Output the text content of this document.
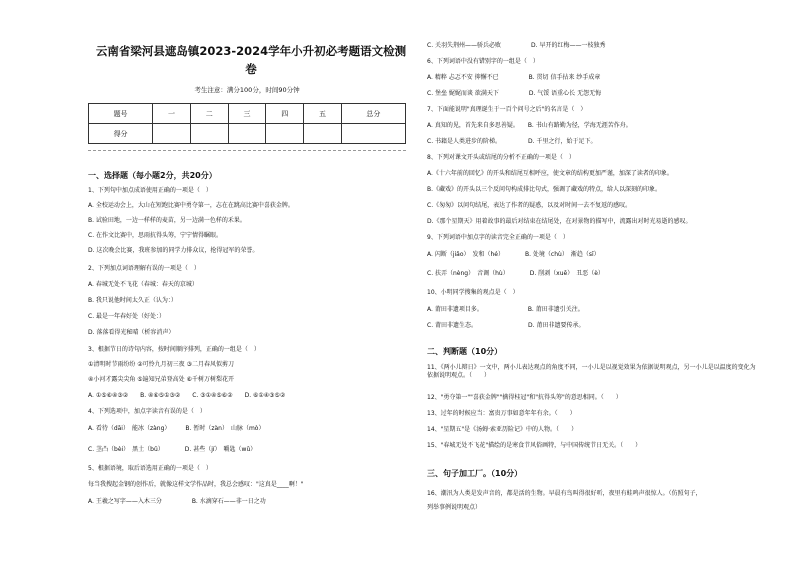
云南省梁河县遮岛镇2023-2024学年小升初必考题语文检测卷
考生注意：满分100分，时间90分钟
题号	一	二	三	四	五	总分
得分						
一、选择题（每小题2分，共20分）
1、下列句中加点成语使用正确的一项是（　）
A. 全校运动会上，大山在短跑比赛中勇夺第一，志在在跳高比赛中喜获金牌。
B. 试验田地，一边一样样的麦苗，另一边满一色样的禾果。
C. 在作文比赛中，思雨抗得头筹，宁宁情得瞩眼。
D. 这次晚会比赛，我班参加的同学力排众议，抢得冠军的荣誉。
2、下列加点词语理解有误的一项是（　）
A. 春城无处不飞花（春城：春天的京城）
B. 我只说他时间太久正（认为：）
C. 最是一年春好处（好处：）
D. 落落看得光秘晴（析容消声）
3、根据节日的诗句内容，按时间顺序排列，正确的一组是（　）
①清明时节雨纷纷 ②可怜九月初三夜 ③二月春风似剪刀
④小河才露尖尖角 ⑤遍知兄弟登高处 ⑥千树万树梨花开
A. ①⑤⑥④③②　　B. ④⑥⑤①③②　　C. ③①④⑤⑥②　　D. ⑥①④③⑤②
4、下列选项中，加点字读音有误的是（　）
A. 看待（dāi）　能冰（zàng）　　　B. 暂时（zàn）　山脉（mò）
C. 茎凸（bèi）　黑土（bǔ）　　　　D. 甚些（jí）　嚼匙（wǔ）
5、根据语境，取后语选用正确的一项是（　）
每当我搜起金钢的创作后，就像这样文学作品时，我总会感叹："这真是____啊！"
A. 王羲之写字——入木三分　　　　　B. 水滴穿石——非一日之功
C. 关羽失荆州——骄兵必败　　　　　D. 早开的红梅——一枝独秀
6、下列词语中没有错别字的一组是（　）
A. 精粹 忐忑不安 抑懈不已　　　　　B. 贯切 信手拈来 纱手成章
C. 堡垒 娓娓而谈 欲满天下　　　　　D. 气馁 语重心长 无怨无悔
7、下面能说明"真理诞生于一百个问号之后"的名言是（　）
A. 真知的见，首先来自多思善疑。　　B. 书山有路勤为径，学海无涯苦作舟。
C. 书籍是人类进步的阶梯。　　　　　D. 千里之行，始于足下。
8、下列对课文开头或结尾的分析不正确的一项是（　）
A.《十六年前的回忆》的开头和结尾互相呼应，使文章的结构更加严谨，加深了读者的印象。
B.《藏戏》的开头以三个反问句构成排比句式，强调了藏戏的特点，给人以深刻的印象。
C.《匆匆》以问句结尾，表达了作者的疑惑，以及对时间一去不复返的感叹。
D.《那个星期天》用着故事的最后对结束在结尾处，在对景物的描写中，流露出对时光易逝的感叹。
9、下列词语中加点字的读音完全正确的一项是（　）
A. 闪断（jiǎo）　发和（hé）　　　　B. 处境（chù）　渐趋（sī）
C. 扶弄（nèng）　音调（hù）　　　　D. 削剥（xuē）　丑恶（è）
10、小明同学搜集的观点是（　）
A. 莆田非遗项目多。　　　　　　　　B. 莆田非遗引关注。
C. 莆田非遗生态。　　　　　　　　　D. 莆田非遗要传承。
二、判断题（10分）
11、《两小儿辩日》一文中，两小儿表达观点的角度不同，一小儿是以视觉效果为依据说明观点，另一小儿是以温度的变化为依据说明观点。（　　）
12、"勇夺第一""喜获金牌""擒得桂冠"和"抗得头筹"的意思相同。（　　）
13、过年的时候应当：富贵万事如意年年有余。（　　）
14、"星期五"是《汤姆·索亚历险记》中的人物。（　　）
15、"春城无处不飞花"描绘的是寒食节风俗画特，与中国传统节日无关。（　　）
三、句子加工厂。（10分）
16、潮汛为人类是发声音的，都是活的生物。早晨有鸟叫得很好听，夜里有蛙鸣声很惊人。（仿照句子，
列举事例说明观点）
